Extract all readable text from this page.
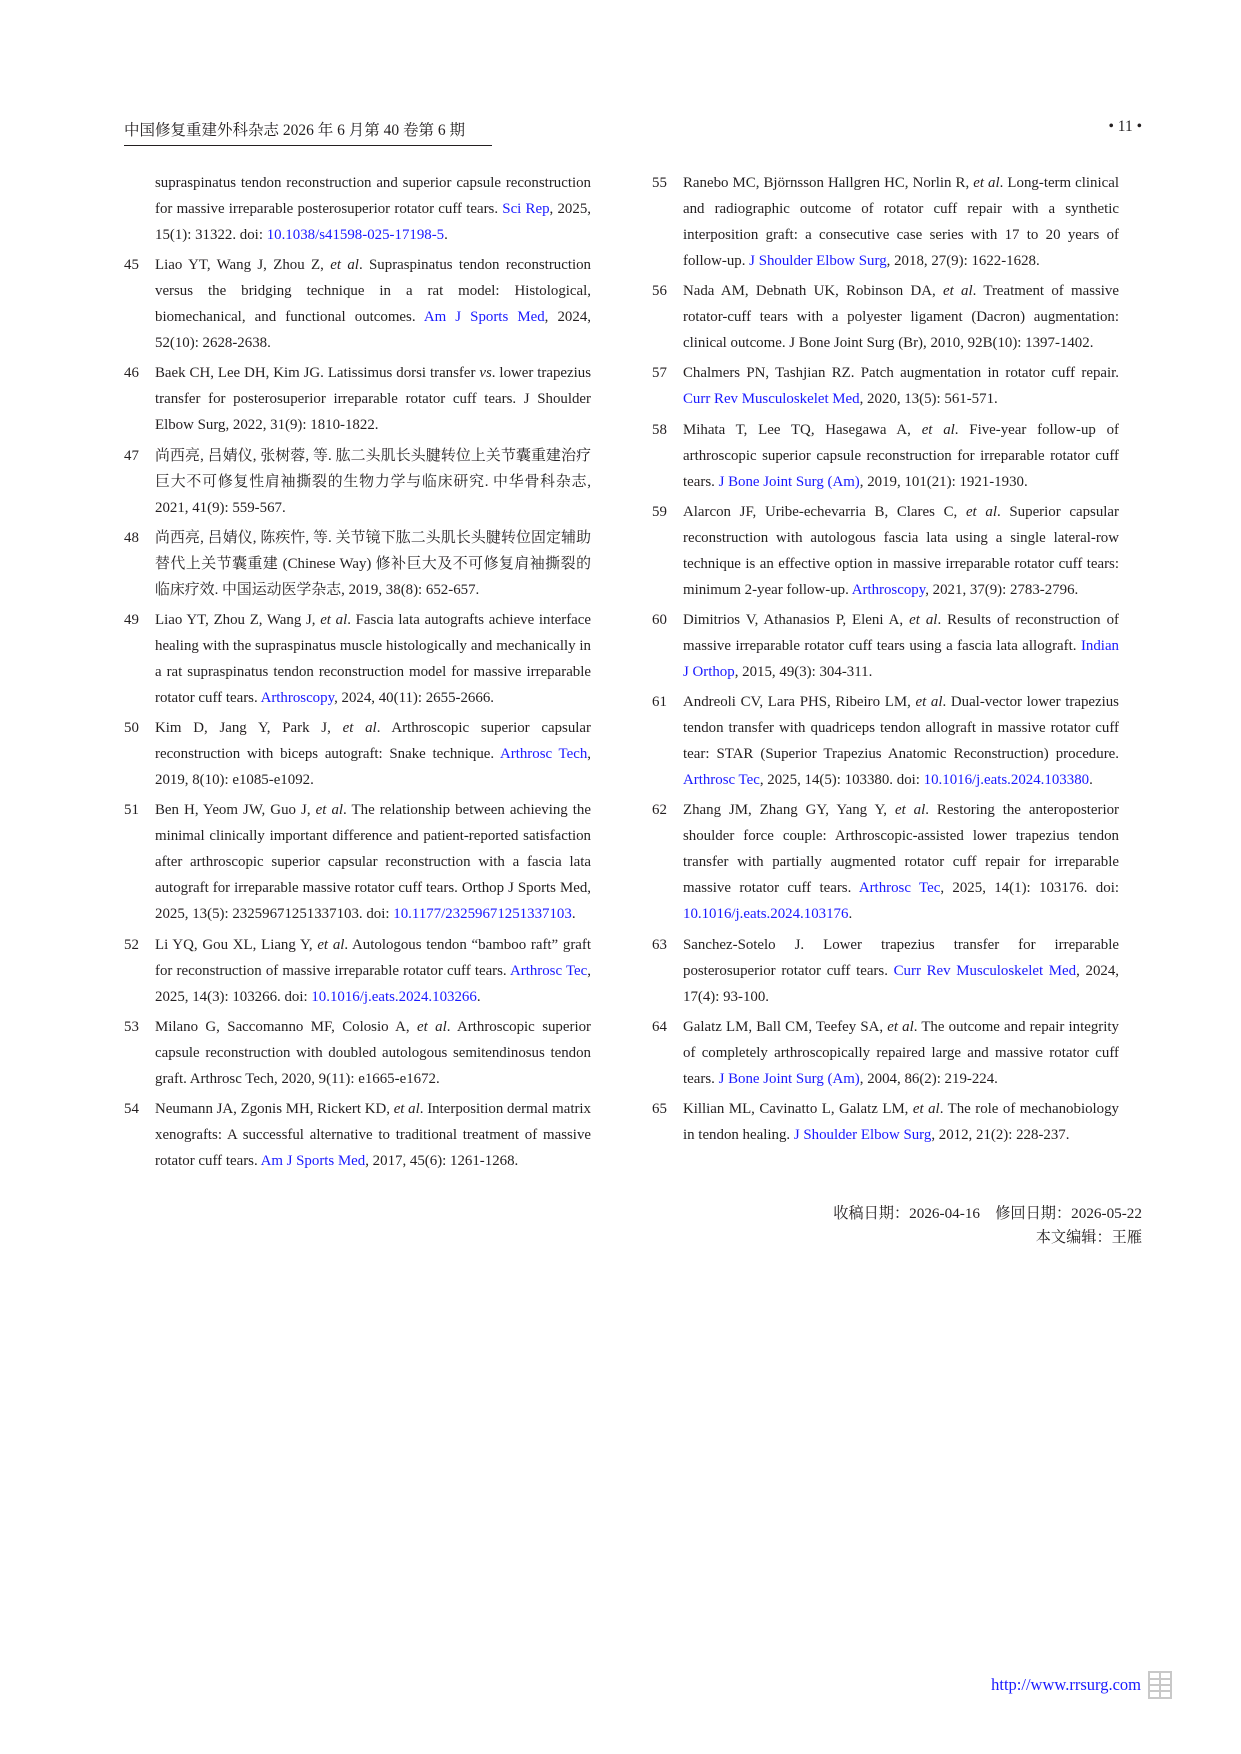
中国修复重建外科杂志 2026 年 6 月第 40 卷第 6 期	• 11 •
supraspinatus tendon reconstruction and superior capsule reconstruction for massive irreparable posterosuperior rotator cuff tears. Sci Rep, 2025, 15(1): 31322. doi: 10.1038/s41598-025-17198-5.
45 Liao YT, Wang J, Zhou Z, et al. Supraspinatus tendon reconstruction versus the bridging technique in a rat model: Histological, biomechanical, and functional outcomes. Am J Sports Med, 2024, 52(10): 2628-2638.
46 Baek CH, Lee DH, Kim JG. Latissimus dorsi transfer vs. lower trapezius transfer for posterosuperior irreparable rotator cuff tears. J Shoulder Elbow Surg, 2022, 31(9): 1810-1822.
47 尚西亮, 吕婧仪, 张树蓉, 等. 肱二头肌长头腱转位上关节囊重建治疗巨大不可修复性肩袖撕裂的生物力学与临床研究. 中华骨科杂志, 2021, 41(9): 559-567.
48 尚西亮, 吕婧仪, 陈疾忤, 等. 关节镜下肱二头肌长头腱转位固定辅助替代上关节囊重建 (Chinese Way) 修补巨大及不可修复肩袖撕裂的临床疗效. 中国运动医学杂志, 2019, 38(8): 652-657.
49 Liao YT, Zhou Z, Wang J, et al. Fascia lata autografts achieve interface healing with the supraspinatus muscle histologically and mechanically in a rat supraspinatus tendon reconstruction model for massive irreparable rotator cuff tears. Arthroscopy, 2024, 40(11): 2655-2666.
50 Kim D, Jang Y, Park J, et al. Arthroscopic superior capsular reconstruction with biceps autograft: Snake technique. Arthrosc Tech, 2019, 8(10): e1085-e1092.
51 Ben H, Yeom JW, Guo J, et al. The relationship between achieving the minimal clinically important difference and patient-reported satisfaction after arthroscopic superior capsular reconstruction with a fascia lata autograft for irreparable massive rotator cuff tears. Orthop J Sports Med, 2025, 13(5): 23259671251337103. doi: 10.1177/23259671251337103.
52 Li YQ, Gou XL, Liang Y, et al. Autologous tendon “bamboo raft” graft for reconstruction of massive irreparable rotator cuff tears. Arthrosc Tec, 2025, 14(3): 103266. doi: 10.1016/j.eats.2024.103266.
53 Milano G, Saccomanno MF, Colosio A, et al. Arthroscopic superior capsule reconstruction with doubled autologous semitendinosus tendon graft. Arthrosc Tech, 2020, 9(11): e1665-e1672.
54 Neumann JA, Zgonis MH, Rickert KD, et al. Interposition dermal matrix xenografts: A successful alternative to traditional treatment of massive rotator cuff tears. Am J Sports Med, 2017, 45(6): 1261-1268.
55 Ranebo MC, Björnsson Hallgren HC, Norlin R, et al. Long-term clinical and radiographic outcome of rotator cuff repair with a synthetic interposition graft: a consecutive case series with 17 to 20 years of follow-up. J Shoulder Elbow Surg, 2018, 27(9): 1622-1628.
56 Nada AM, Debnath UK, Robinson DA, et al. Treatment of massive rotator-cuff tears with a polyester ligament (Dacron) augmentation: clinical outcome. J Bone Joint Surg (Br), 2010, 92B(10): 1397-1402.
57 Chalmers PN, Tashjian RZ. Patch augmentation in rotator cuff repair. Curr Rev Musculoskelet Med, 2020, 13(5): 561-571.
58 Mihata T, Lee TQ, Hasegawa A, et al. Five-year follow-up of arthroscopic superior capsule reconstruction for irreparable rotator cuff tears. J Bone Joint Surg (Am), 2019, 101(21): 1921-1930.
59 Alarcon JF, Uribe-echevarria B, Clares C, et al. Superior capsular reconstruction with autologous fascia lata using a single lateral-row technique is an effective option in massive irreparable rotator cuff tears: minimum 2-year follow-up. Arthroscopy, 2021, 37(9): 2783-2796.
60 Dimitrios V, Athanasios P, Eleni A, et al. Results of reconstruction of massive irreparable rotator cuff tears using a fascia lata allograft. Indian J Orthop, 2015, 49(3): 304-311.
61 Andreoli CV, Lara PHS, Ribeiro LM, et al. Dual-vector lower trapezius tendon transfer with quadriceps tendon allograft in massive rotator cuff tear: STAR (Superior Trapezius Anatomic Reconstruction) procedure. Arthrosc Tec, 2025, 14(5): 103380. doi: 10.1016/j.eats.2024.103380.
62 Zhang JM, Zhang GY, Yang Y, et al. Restoring the anteroposterior shoulder force couple: Arthroscopic-assisted lower trapezius tendon transfer with partially augmented rotator cuff repair for irreparable massive rotator cuff tears. Arthrosc Tec, 2025, 14(1): 103176. doi: 10.1016/j.eats.2024.103176.
63 Sanchez-Sotelo J. Lower trapezius transfer for irreparable posterosuperior rotator cuff tears. Curr Rev Musculoskelet Med, 2024, 17(4): 93-100.
64 Galatz LM, Ball CM, Teefey SA, et al. The outcome and repair integrity of completely arthroscopically repaired large and massive rotator cuff tears. J Bone Joint Surg (Am), 2004, 86(2): 219-224.
65 Killian ML, Cavinatto L, Galatz LM, et al. The role of mechanobiology in tendon healing. J Shoulder Elbow Surg, 2012, 21(2): 228-237.
收稿日期：2026-04-16　修回日期：2026-05-22
本文编辑：王雁
http://www.rrsurg.com
